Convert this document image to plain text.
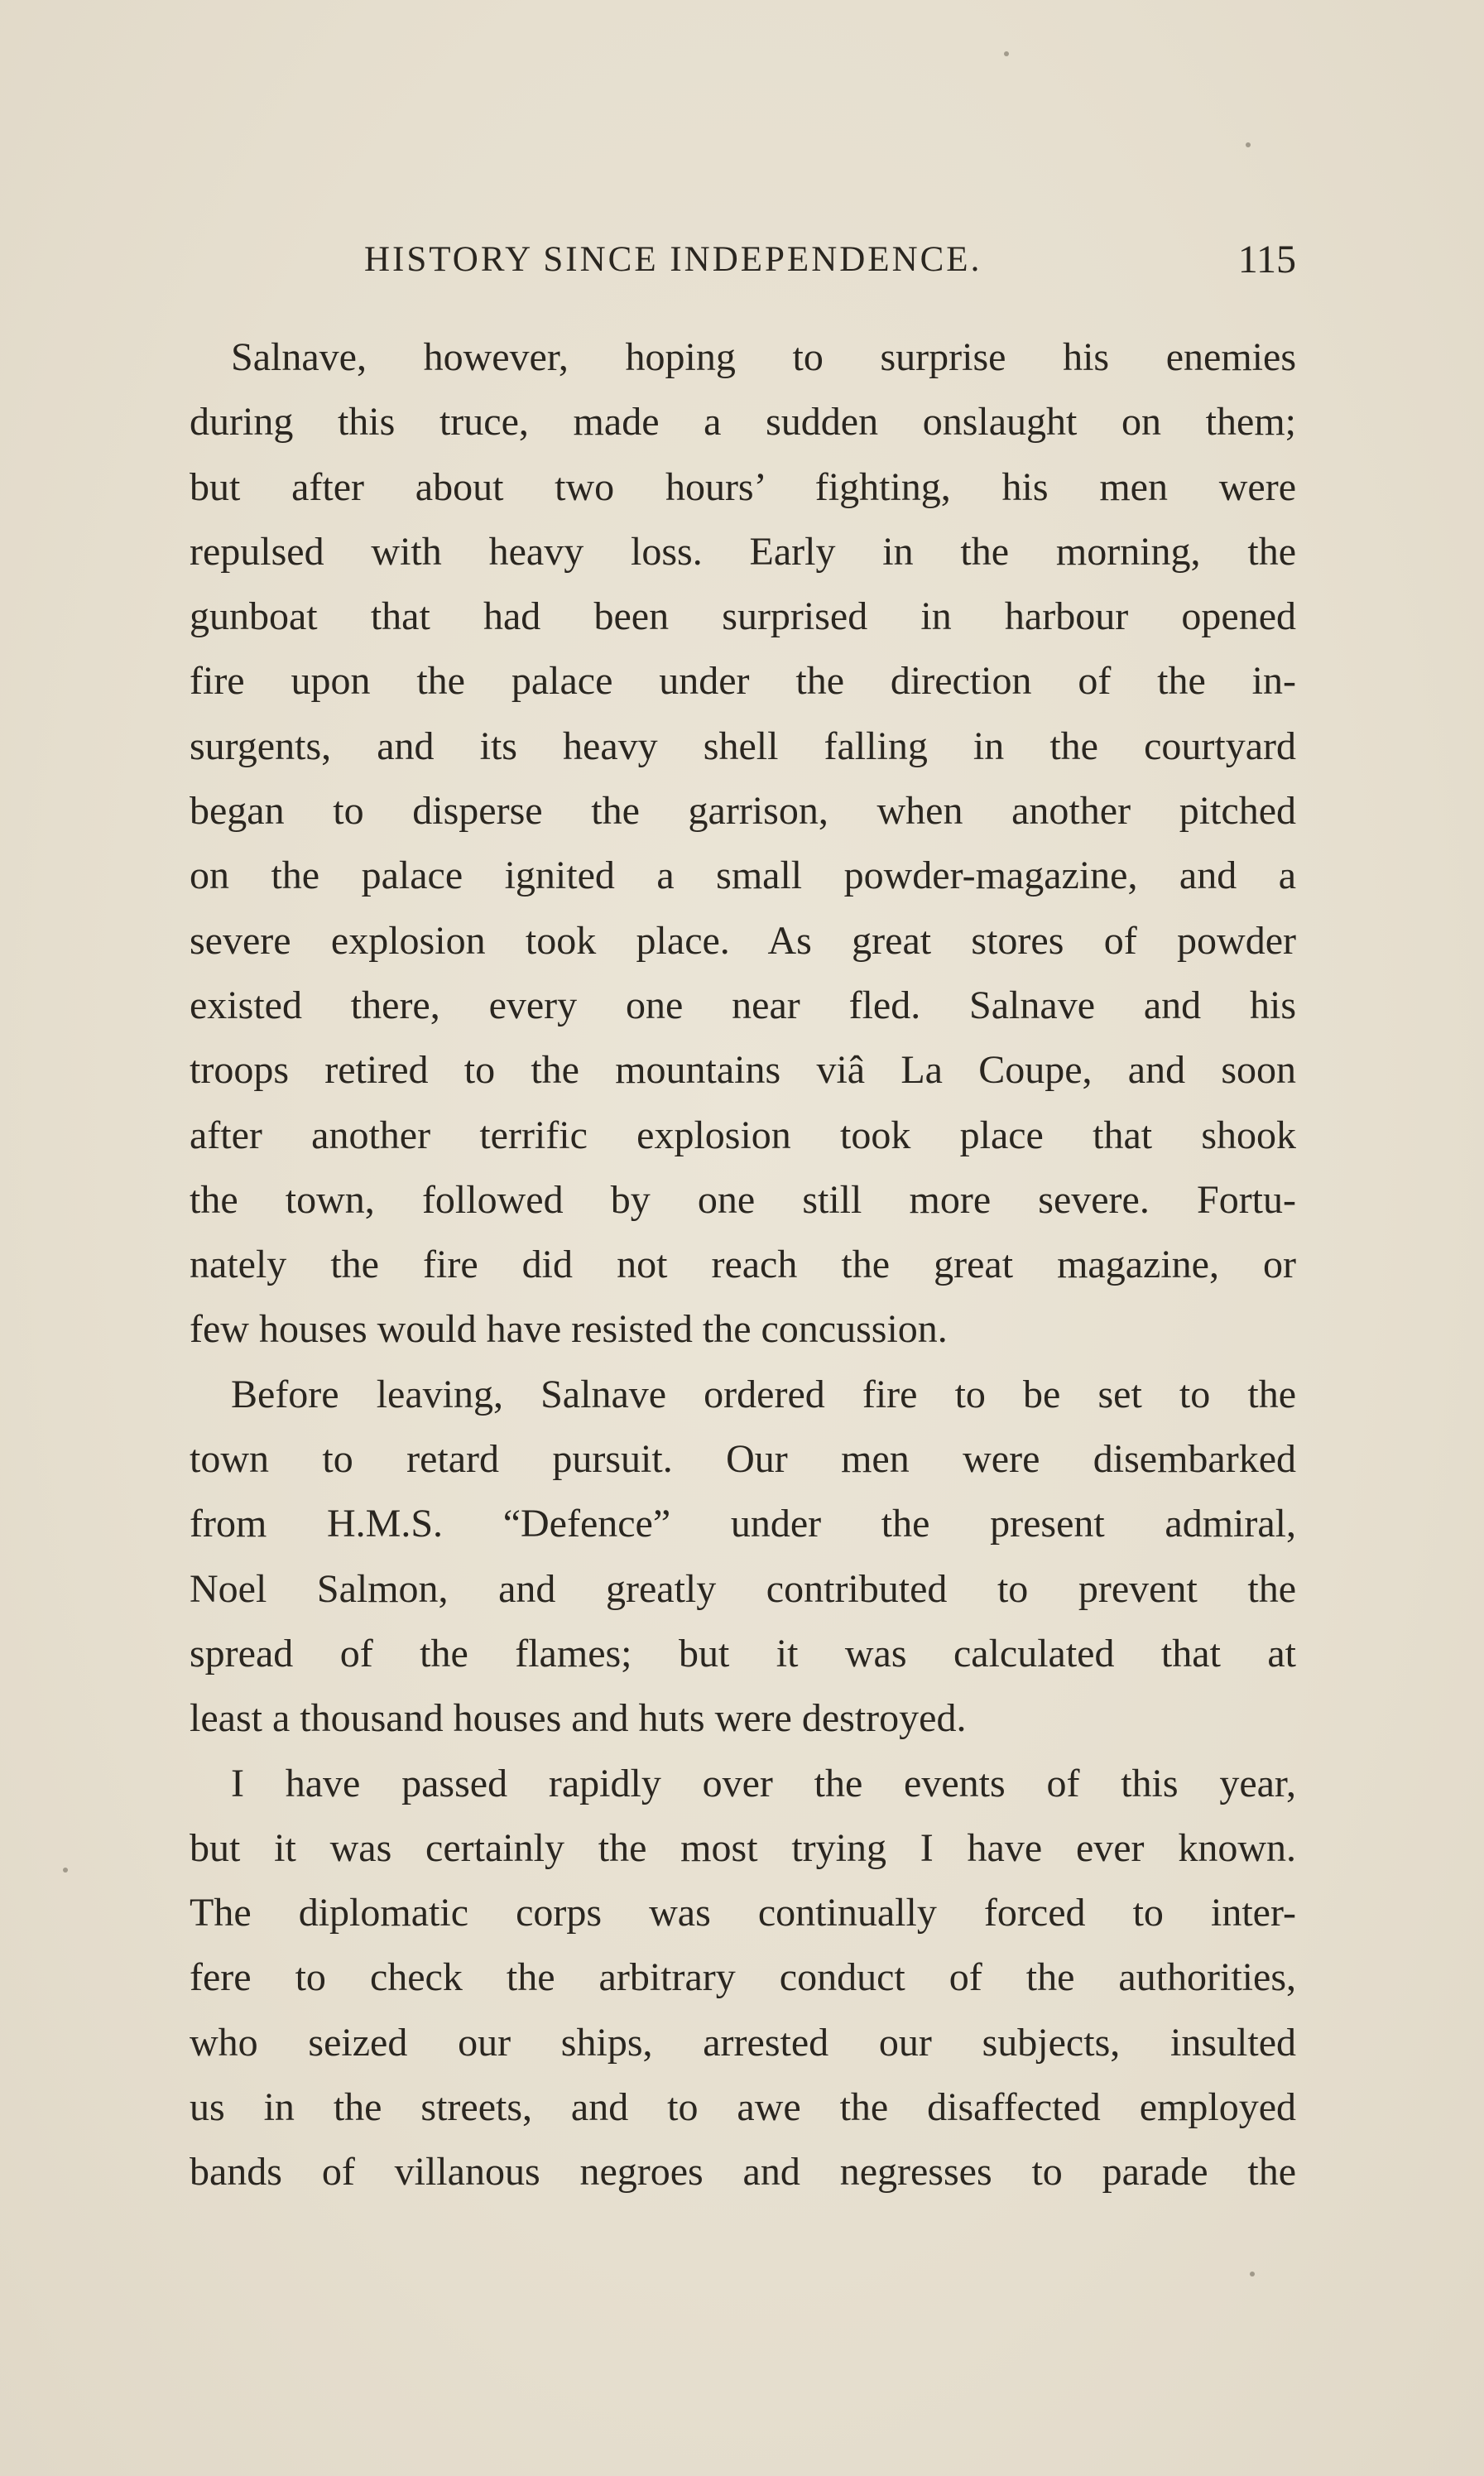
HISTORY SINCE INDEPENDENCE.	115
Salnave, however, hoping to surprise his enemies
during this truce, made a sudden onslaught on them;
but after about two hours’ fighting, his men were
repulsed with heavy loss. Early in the morning, the
gunboat that had been surprised in harbour opened
fire upon the palace under the direction of the in-
surgents, and its heavy shell falling in the courtyard
began to disperse the garrison, when another pitched
on the palace ignited a small powder-magazine, and a
severe explosion took place. As great stores of powder
existed there, every one near fled. Salnave and his
troops retired to the mountains viâ La Coupe, and soon
after another terrific explosion took place that shook
the town, followed by one still more severe. Fortu-
nately the fire did not reach the great magazine, or
few houses would have resisted the concussion.
Before leaving, Salnave ordered fire to be set to the
town to retard pursuit. Our men were disembarked
from H.M.S. “Defence” under the present admiral,
Noel Salmon, and greatly contributed to prevent the
spread of the flames; but it was calculated that at
least a thousand houses and huts were destroyed.
I have passed rapidly over the events of this year,
but it was certainly the most trying I have ever known.
The diplomatic corps was continually forced to inter-
fere to check the arbitrary conduct of the authorities,
who seized our ships, arrested our subjects, insulted
us in the streets, and to awe the disaffected employed
bands of villanous negroes and negresses to parade the
